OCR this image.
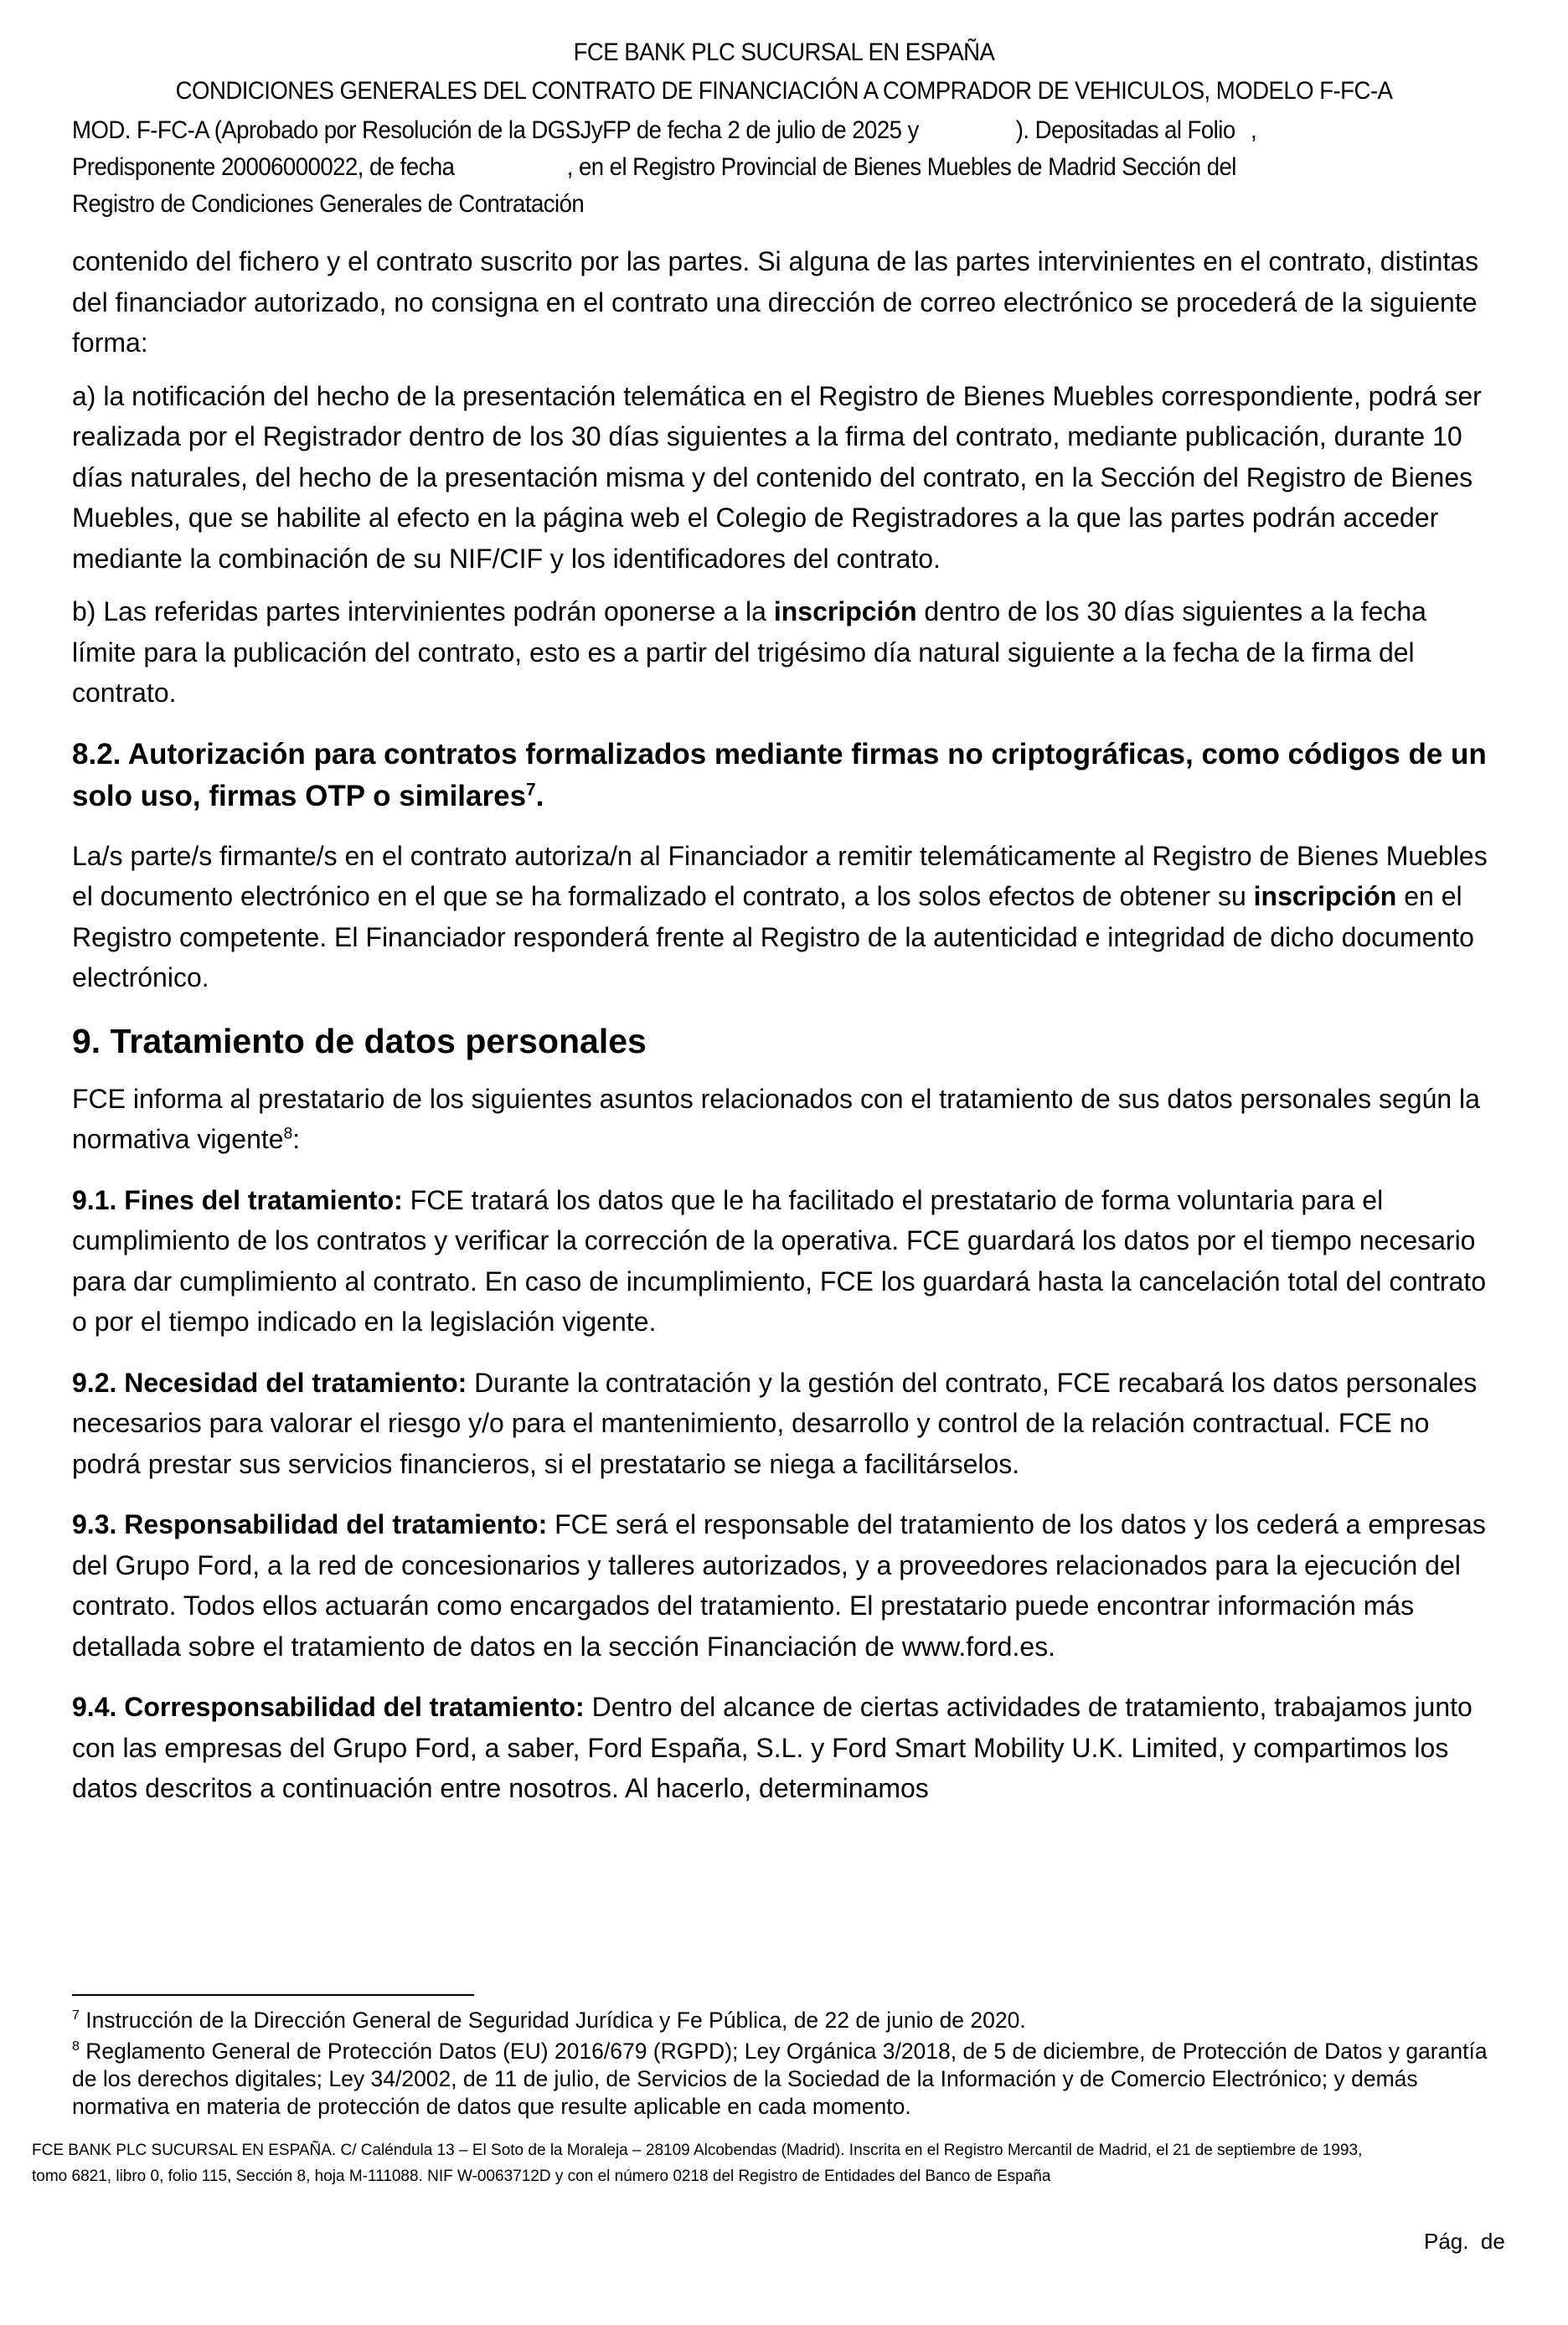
FCE BANK PLC SUCURSAL EN ESPAÑA
CONDICIONES GENERALES DEL CONTRATO DE FINANCIACIÓN A COMPRADOR DE VEHICULOS, MODELO F-FC-A
MOD. F-FC-A (Aprobado por Resolución de la DGSJyFP de fecha 2 de julio de 2025 y	). Depositadas al Folio ,
Predisponente 20006000022, de fecha	, en el Registro Provincial de Bienes Muebles de Madrid Sección del
Registro de Condiciones Generales de Contratación

contenido del fichero y el contrato suscrito por las partes. Si alguna de las partes intervinientes en el contrato, distintas del financiador autorizado, no consigna en el contrato una dirección de correo electrónico se procederá de la siguiente forma:

a) la notificación del hecho de la presentación telemática en el Registro de Bienes Muebles correspondiente, podrá ser realizada por el Registrador dentro de los 30 días siguientes a la firma del contrato, mediante publicación, durante 10 días naturales, del hecho de la presentación misma y del contenido del contrato, en la Sección del Registro de Bienes Muebles, que se habilite al efecto en la página web el Colegio de Registradores a la que las partes podrán acceder mediante la combinación de su NIF/CIF y los identificadores del contrato.

b) Las referidas partes intervinientes podrán oponerse a la inscripción dentro de los 30 días siguientes a la fecha límite para la publicación del contrato, esto es a partir del trigésimo día natural siguiente a la fecha de la firma del contrato.

8.2. Autorización para contratos formalizados mediante firmas no criptográficas, como códigos de un solo uso, firmas OTP o similares$^7$.

La/s parte/s firmante/s en el contrato autoriza/n al Financiador a remitir telemáticamente al Registro de Bienes Muebles el documento electrónico en el que se ha formalizado el contrato, a los solos efectos de obtener su inscripción en el Registro competente. El Financiador responderá frente al Registro de la autenticidad e integridad de dicho documento electrónico.

9. Tratamiento de datos personales

FCE informa al prestatario de los siguientes asuntos relacionados con el tratamiento de sus datos personales según la normativa vigente$^8$:

9.1. Fines del tratamiento: FCE tratará los datos que le ha facilitado el prestatario de forma voluntaria para el cumplimiento de los contratos y verificar la corrección de la operativa. FCE guardará los datos por el tiempo necesario para dar cumplimiento al contrato. En caso de incumplimiento, FCE los guardará hasta la cancelación total del contrato o por el tiempo indicado en la legislación vigente.

9.2. Necesidad del tratamiento: Durante la contratación y la gestión del contrato, FCE recabará los datos personales necesarios para valorar el riesgo y/o para el mantenimiento, desarrollo y control de la relación contractual. FCE no podrá prestar sus servicios financieros, si el prestatario se niega a facilitárselos.

9.3. Responsabilidad del tratamiento: FCE será el responsable del tratamiento de los datos y los cederá a empresas del Grupo Ford, a la red de concesionarios y talleres autorizados, y a proveedores relacionados para la ejecución del contrato. Todos ellos actuarán como encargados del tratamiento. El prestatario puede encontrar información más detallada sobre el tratamiento de datos en la sección Financiación de www.ford.es.

9.4. Corresponsabilidad del tratamiento: Dentro del alcance de ciertas actividades de tratamiento, trabajamos junto con las empresas del Grupo Ford, a saber, Ford España, S.L. y Ford Smart Mobility U.K. Limited, y compartimos los datos descritos a continuación entre nosotros. Al hacerlo, determinamos

$^7$ Instrucción de la Dirección General de Seguridad Jurídica y Fe Pública, de 22 de junio de 2020.

$^8$ Reglamento General de Protección Datos (EU) 2016/679 (RGPD); Ley Orgánica 3/2018, de 5 de diciembre, de Protección de Datos y garantía de los derechos digitales; Ley 34/2002, de 11 de julio, de Servicios de la Sociedad de la Información y de Comercio Electrónico; y demás normativa en materia de protección de datos que resulte aplicable en cada momento.

FCE BANK PLC SUCURSAL EN ESPAÑA. C/ Caléndula 13 – El Soto de la Moraleja – 28109 Alcobendas (Madrid). Inscrita en el Registro Mercantil de Madrid, el 21 de septiembre de 1993,

tomo 6821, libro 0, folio 115, Sección 8, hoja M-111088. NIF W-0063712D y con el número 0218 del Registro de Entidades del Banco de España

Pág.  de
